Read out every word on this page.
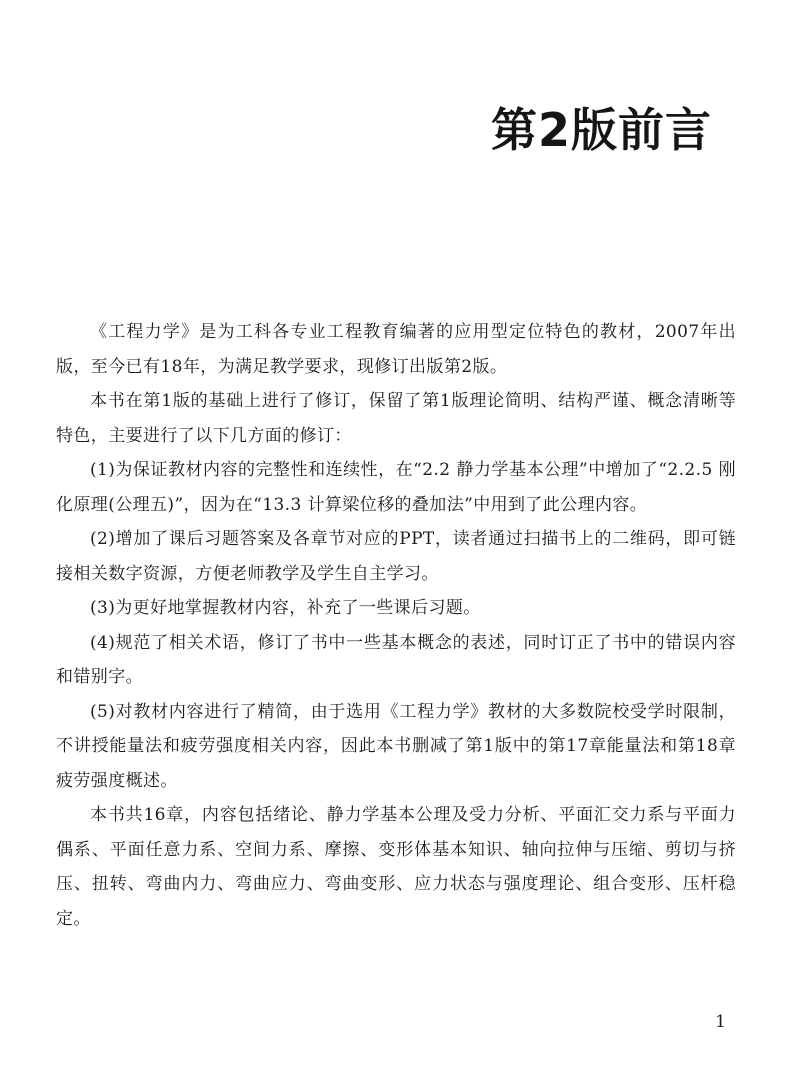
第2版前言

《工程力学》是为工科各专业工程教育编著的应用型定位特色的教材，2007年出版，至今已有18年，为满足教学要求，现修订出版第2版。

本书在第1版的基础上进行了修订，保留了第1版理论简明、结构严谨、概念清晰等特色，主要进行了以下几方面的修订：

(1)为保证教材内容的完整性和连续性，在“2.2 静力学基本公理”中增加了“2.2.5 刚化原理(公理五)”，因为在“13.3 计算梁位移的叠加法”中用到了此公理内容。

(2)增加了课后习题答案及各章节对应的PPT，读者通过扫描书上的二维码，即可链接相关数字资源，方便老师教学及学生自主学习。

(3)为更好地掌握教材内容，补充了一些课后习题。

(4)规范了相关术语，修订了书中一些基本概念的表述，同时订正了书中的错误内容和错别字。

(5)对教材内容进行了精简，由于选用《工程力学》教材的大多数院校受学时限制，不讲授能量法和疲劳强度相关内容，因此本书删减了第1版中的第17章能量法和第18章疲劳强度概述。

本书共16章，内容包括绪论、静力学基本公理及受力分析、平面汇交力系与平面力偶系、平面任意力系、空间力系、摩擦、变形体基本知识、轴向拉伸与压缩、剪切与挤压、扭转、弯曲内力、弯曲应力、弯曲变形、应力状态与强度理论、组合变形、压杆稳定。

1
